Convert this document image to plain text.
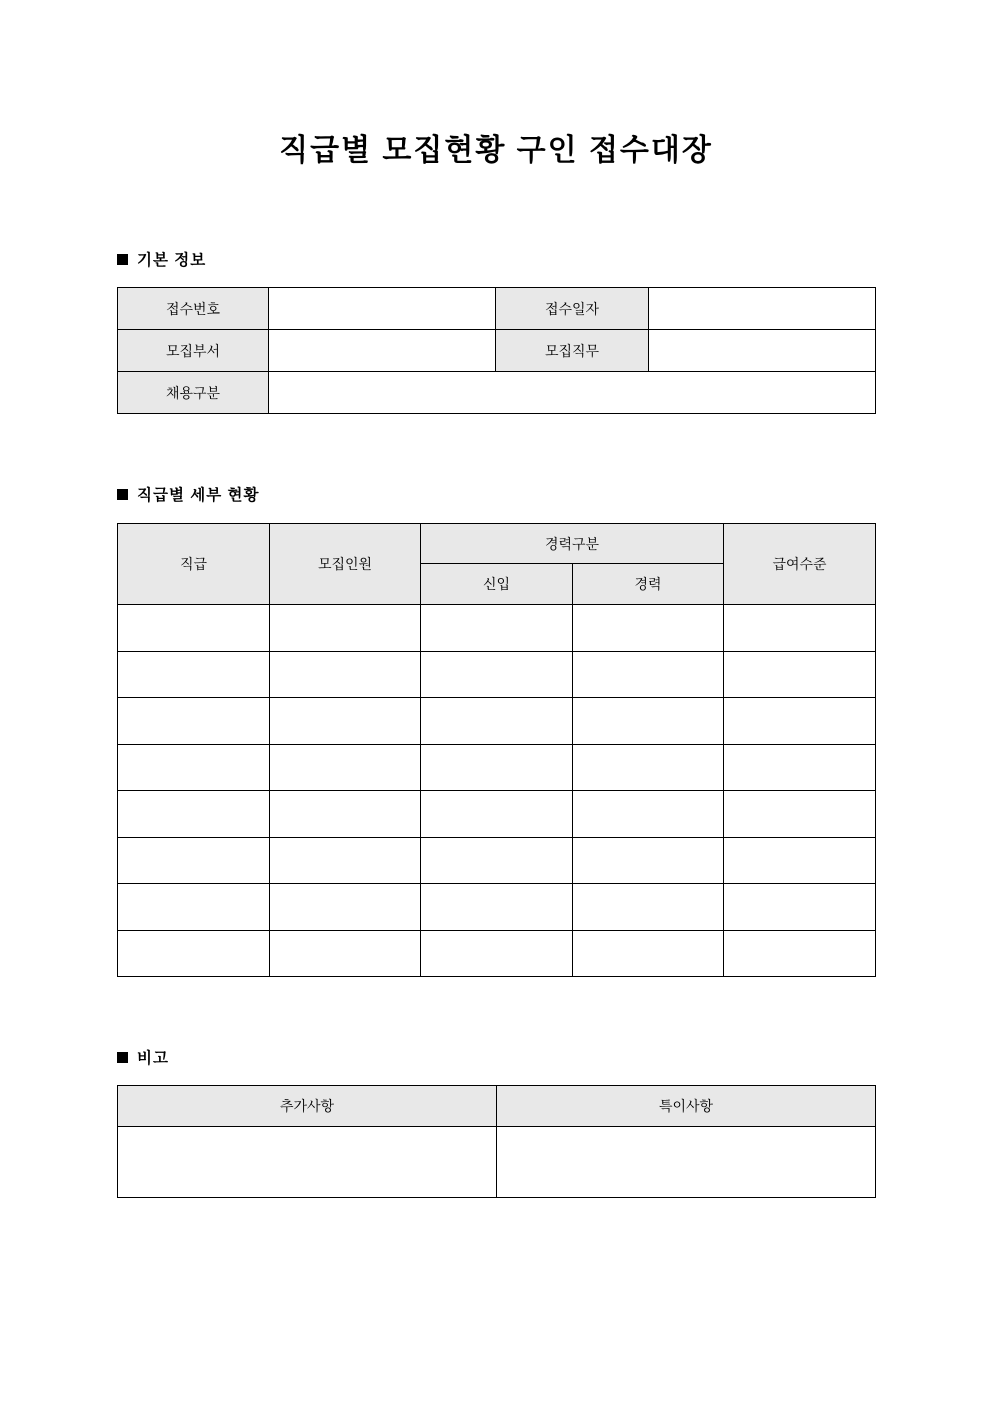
직급별 모집현황 구인 접수대장
기본 정보
접수번호		접수일자	
모집부서		모집직무	
채용구분			
직급별 세부 현황
직급	모집인원	경력구분		급여수준
		신입	경력	

비고
추가사항	특이사항
